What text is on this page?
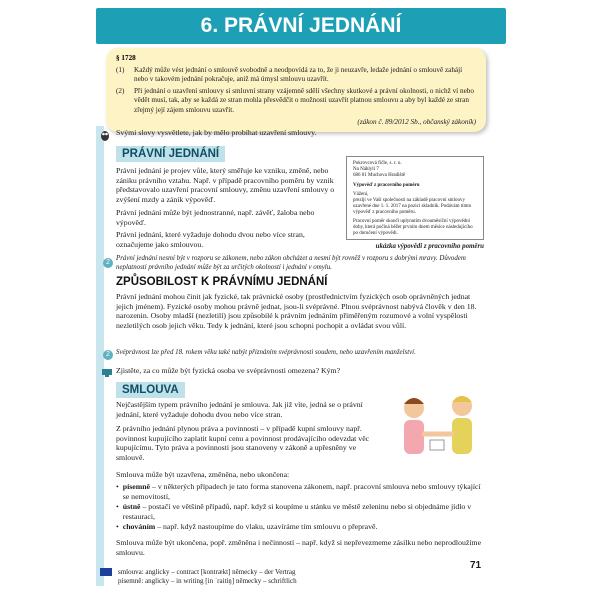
6. PRÁVNÍ JEDNÁNÍ
§ 1728
(1)	Každý může vést jednání o smlouvě svobodně a neodpovídá za to, že ji neuzavře, ledaže jednání o smlouvě zahájí nebo v takovém jednání pokračuje, aniž má úmysl smlouvu uzavřít.
(2)	Při jednání o uzavření smlouvy si smluvní strany vzájemně sdělí všechny skutkové a právní okolnosti, o nichž ví nebo vědět musí, tak, aby se každá ze stran mohla přesvědčit o možnosti uzavřít platnou smlouvu a aby byl každé ze stran zřejmý její zájem smlouvu uzavřít.
(zákon č. 89/2012 Sb., občanský zákoník)
Svými slovy vysvětlete, jak by mělo probíhat uzavření smlouvy.
PRÁVNÍ JEDNÁNÍ
Právní jednání je projev vůle, který směřuje ke vzniku, změně, nebo zániku právního vztahu. Např. v případě pracovního poměru by vznik představovalo uzavření pracovní smlouvy, změnu uzavření smlouvy o zvýšení mzdy a zánik výpověď.
Právní jednání může být jednostranné, např. závěť, žaloba nebo výpověď.
Právní jednání, které vyžaduje dohodu dvou nebo více stran, označujeme jako smlouvou.
Pokrovcová fičle, s. r. o.
Na Náhlyli 7
686 01 Muchova Hradiště
Výpověď z pracovního poměru
Vážení,
prezlji ve Vaší společnosti na základě pracovní smlouvy uzavřené dne 1. 1. 2017 na pozici skladník. Podávám tímto výpověď z pracovního poměru.
Pracovní poměr skončí uplynutím dvouměsíční výpovědní doby, která počíná běžet prvním dnem měsíce následujícího po doručení výpovědi.
ukázka výpovědi z pracovního poměru
2
Právní jednání nesmí být v rozporu se zákonem, nebo zákon obcházet a nesmí být rovněž v rozporu s dobrými mravy. Důvodem neplatnosti právního jednání může být za určitých okolností i jednání v omylu.
ZPŮSOBILOST K PRÁVNÍMU JEDNÁNÍ
Právní jednání mohou činit jak fyzické, tak právnické osoby (prostřednictvím fyzických osob oprávněných jednat jejich jménem). Fyzické osoby mohou právně jednat, jsou-li svéprávné. Plnou svéprávnost nabývá člověk v den 18. narozenin. Osoby mladší (nezletilí) jsou způsobilé k právním jednáním přiměřeným rozumové a volní vyspělosti nezletilých osob jejich věku. Tedy k jednání, které jsou schopni pochopit a ovládat svou vůlí.
2 Svéprávnost lze před 18. rokem věku také nabýt přiznáním svéprávnosti soudem, nebo uzavřením manželství.
Zjistěte, za co může být fyzická osoba ve svéprávnosti omezena? Kým?
SMLOUVA
Nejčastějším typem právního jednání je smlouva. Jak již víte, jedná se o právní jednání, které vyžaduje dohodu dvou nebo více stran.
Z právního jednání plynou práva a povinnosti – v případě kupní smlouvy např. povinnost kupujícího zaplatit kupní cenu a povinnost prodávajícího odevzdat věc kupujícímu. Tyto práva a povinnosti jsou stanoveny v zákoně a upřesněny ve smlouvě.
Smlouva může být uzavřena, změněna, nebo ukončena:
• písemně – v některých případech je tato forma stanovena zákonem, např. pracovní smlouva nebo smlouvy týkající se nemovitostí,
• ústně – postačí ve většině případů, např. když si koupíme u stánku ve městě zeleninu nebo si objednáme jídlo v restauraci,
• chováním – např. když nastoupíme do vlaku, uzavíráme tím smlouvu o přepravě.
Smlouva může být ukončena, popř. změněna i nečinností – např. když si nepřevezmeme zásilku nebo neprodloužíme smlouvu.
smlouva: anglicky – contract [kontrækt] německy – der Vertrag
písemně: anglicky – in writing [in ˈraitiŋ] německy – schriftlich
71
